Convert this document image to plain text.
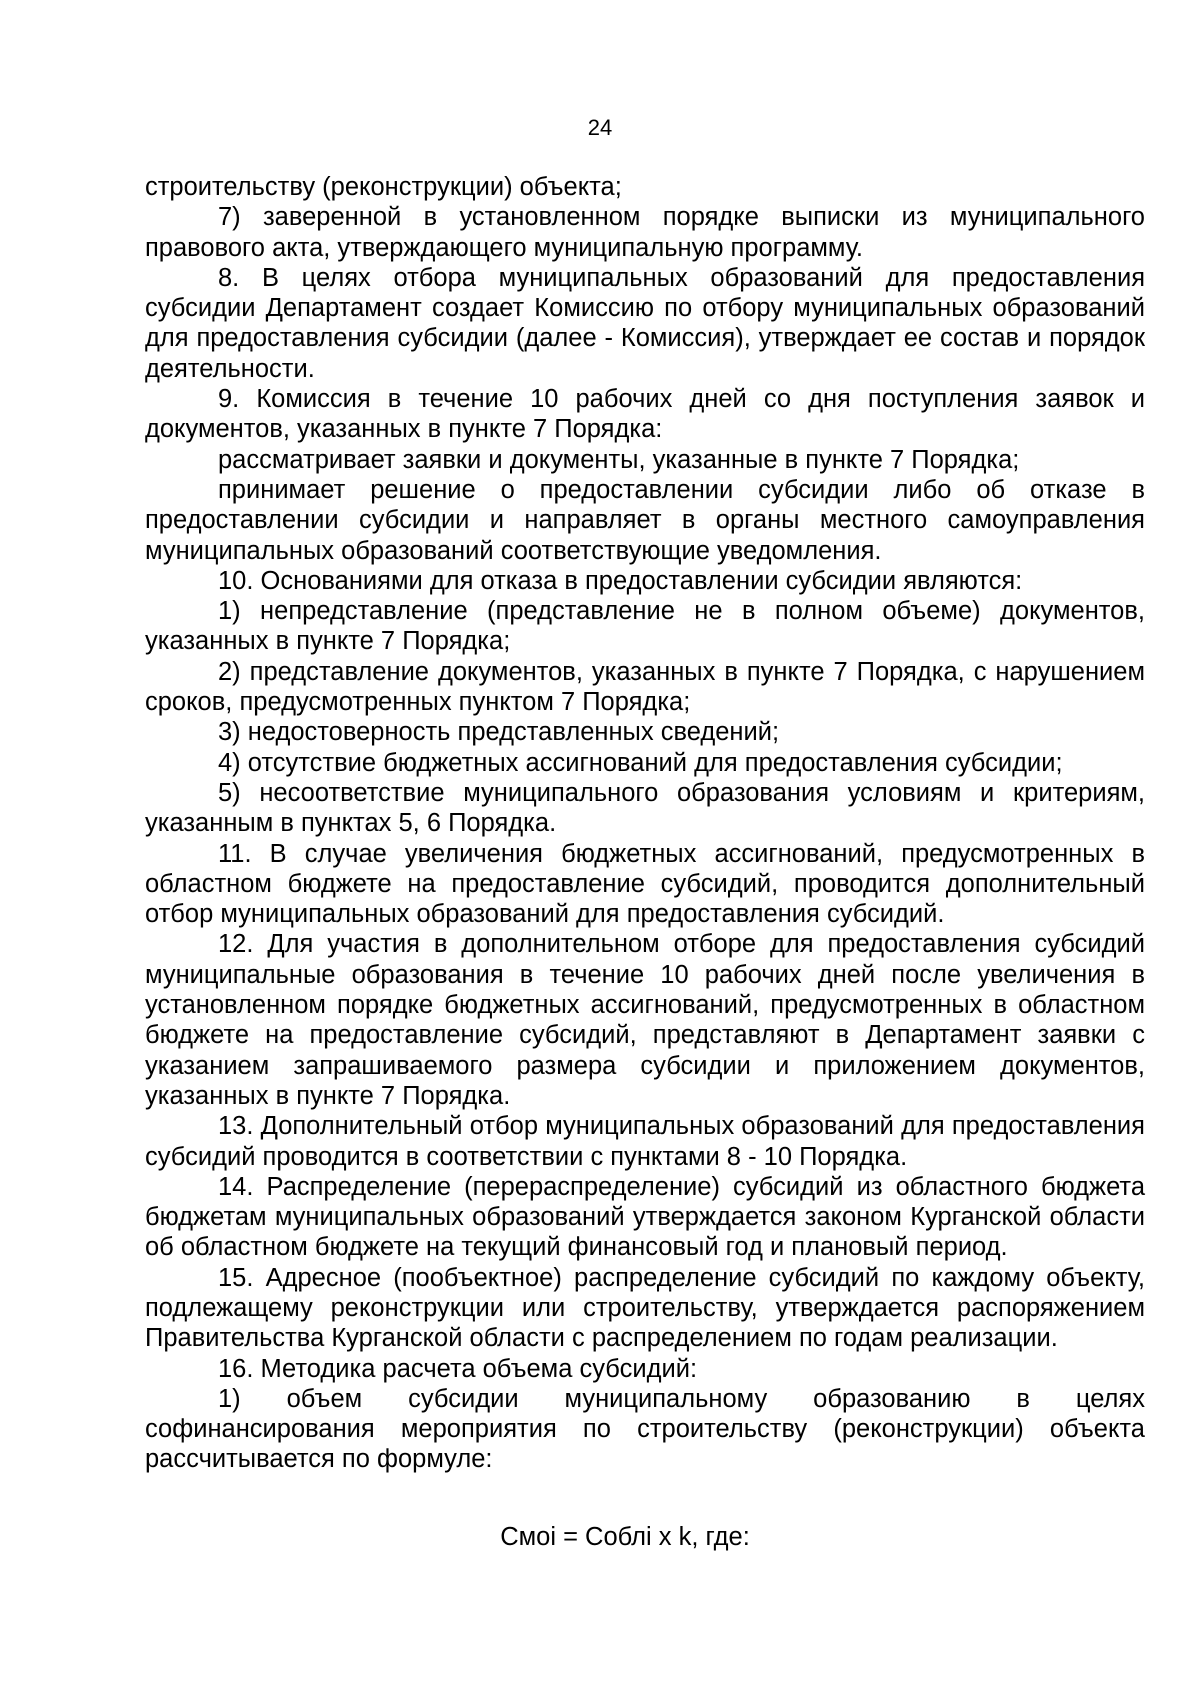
24

строительству (реконструкции) объекта;

7) заверенной в установленном порядке выписки из муниципального правового акта, утверждающего муниципальную программу.

8. В целях отбора муниципальных образований для предоставления субсидии Департамент создает Комиссию по отбору муниципальных образований для предоставления субсидии (далее - Комиссия), утверждает ее состав и порядок деятельности.

9. Комиссия в течение 10 рабочих дней со дня поступления заявок и документов, указанных в пункте 7 Порядка:

рассматривает заявки и документы, указанные в пункте 7 Порядка;

принимает решение о предоставлении субсидии либо об отказе в предоставлении субсидии и направляет в органы местного самоуправления муниципальных образований соответствующие уведомления.

10. Основаниями для отказа в предоставлении субсидии являются:

1) непредставление (представление не в полном объеме) документов, указанных в пункте 7 Порядка;

2) представление документов, указанных в пункте 7 Порядка, с нарушением сроков, предусмотренных пунктом 7 Порядка;

3) недостоверность представленных сведений;

4) отсутствие бюджетных ассигнований для предоставления субсидии;

5) несоответствие муниципального образования условиям и критериям, указанным в пунктах 5, 6 Порядка.

11. В случае увеличения бюджетных ассигнований, предусмотренных в областном бюджете на предоставление субсидий, проводится дополнительный отбор муниципальных образований для предоставления субсидий.

12. Для участия в дополнительном отборе для предоставления субсидий муниципальные образования в течение 10 рабочих дней после увеличения в установленном порядке бюджетных ассигнований, предусмотренных в областном бюджете на предоставление субсидий, представляют в Департамент заявки с указанием запрашиваемого размера субсидии и приложением документов, указанных в пункте 7 Порядка.

13. Дополнительный отбор муниципальных образований для предоставления субсидий проводится в соответствии с пунктами 8 - 10 Порядка.

14. Распределение (перераспределение) субсидий из областного бюджета бюджетам муниципальных образований утверждается законом Курганской области об областном бюджете на текущий финансовый год и плановый период.

15. Адресное (пообъектное) распределение субсидий по каждому объекту, подлежащему реконструкции или строительству, утверждается распоряжением Правительства Курганской области с распределением по годам реализации.

16. Методика расчета объема субсидий:

1) объем субсидии муниципальному образованию в целях софинансирования мероприятия по строительству (реконструкции) объекта рассчитывается по формуле:

Смоi = Соблi x k, где:
